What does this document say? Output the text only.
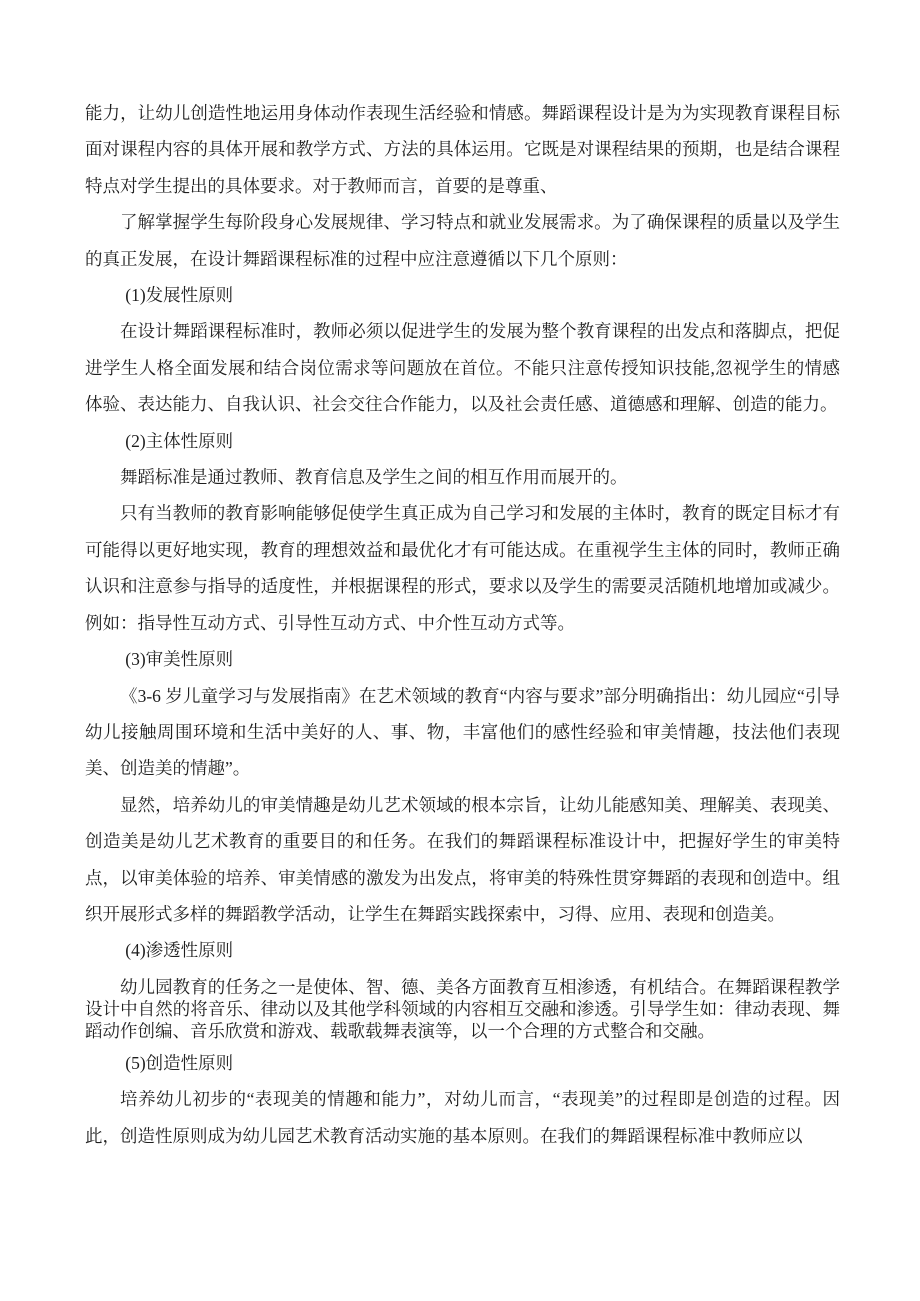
能力，让幼儿创造性地运用身体动作表现生活经验和情感。舞蹈课程设计是为为实现教育课程目标面对课程内容的具体开展和教学方式、方法的具体运用。它既是对课程结果的预期，也是结合课程特点对学生提出的具体要求。对于教师而言，首要的是尊重、

了解掌握学生每阶段身心发展规律、学习特点和就业发展需求。为了确保课程的质量以及学生的真正发展，在设计舞蹈课程标准的过程中应注意遵循以下几个原则：

(1)发展性原则

在设计舞蹈课程标准时，教师必须以促进学生的发展为整个教育课程的出发点和落脚点，把促进学生人格全面发展和结合岗位需求等问题放在首位。不能只注意传授知识技能,忽视学生的情感体验、表达能力、自我认识、社会交往合作能力，以及社会责任感、道德感和理解、创造的能力。

(2)主体性原则

舞蹈标准是通过教师、教育信息及学生之间的相互作用而展开的。

只有当教师的教育影响能够促使学生真正成为自己学习和发展的主体时，教育的既定目标才有可能得以更好地实现，教育的理想效益和最优化才有可能达成。在重视学生主体的同时，教师正确认识和注意参与指导的适度性，并根据课程的形式，要求以及学生的需要灵活随机地增加或减少。例如：指导性互动方式、引导性互动方式、中介性互动方式等。

(3)审美性原则

《3-6 岁儿童学习与发展指南》在艺术领域的教育“内容与要求”部分明确指出：幼儿园应“引导幼儿接触周围环境和生活中美好的人、事、物，丰富他们的感性经验和审美情趣，技法他们表现美、创造美的情趣”。

显然，培养幼儿的审美情趣是幼儿艺术领域的根本宗旨，让幼儿能感知美、理解美、表现美、创造美是幼儿艺术教育的重要目的和任务。在我们的舞蹈课程标准设计中，把握好学生的审美特点，以审美体验的培养、审美情感的激发为出发点，将审美的特殊性贯穿舞蹈的表现和创造中。组织开展形式多样的舞蹈教学活动，让学生在舞蹈实践探索中，习得、应用、表现和创造美。

(4)渗透性原则

幼儿园教育的任务之一是使体、智、德、美各方面教育互相渗透，有机结合。在舞蹈课程教学设计中自然的将音乐、律动以及其他学科领域的内容相互交融和渗透。引导学生如：律动表现、舞蹈动作创编、音乐欣赏和游戏、载歌载舞表演等，以一个合理的方式整合和交融。

(5)创造性原则

培养幼儿初步的“表现美的情趣和能力”，对幼儿而言，“表现美”的过程即是创造的过程。因此，创造性原则成为幼儿园艺术教育活动实施的基本原则。在我们的舞蹈课程标准中教师应以
